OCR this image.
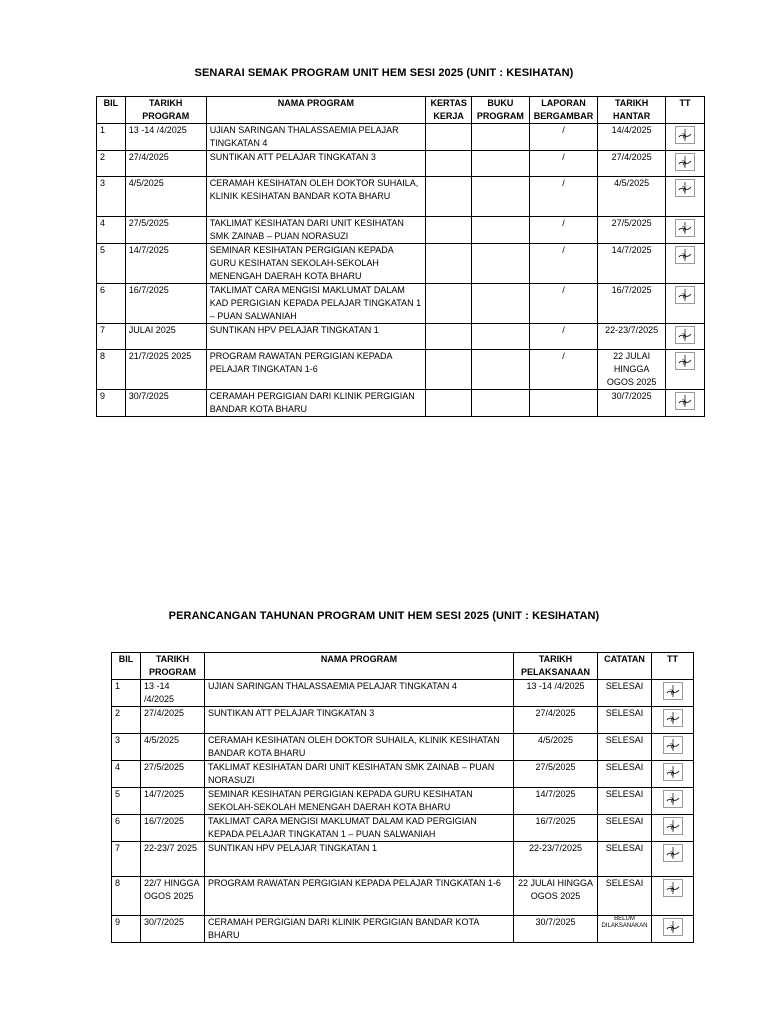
SENARAI SEMAK PROGRAM UNIT HEM SESI 2025 (UNIT : KESIHATAN)
BIL	TARIKH PROGRAM	NAMA PROGRAM	KERTAS KERJA	BUKU PROGRAM	LAPORAN BERGAMBAR	TARIKH HANTAR	TT
1	13 -14 /4/2025	UJIAN SARINGAN THALASSAEMIA PELAJAR TINGKATAN 4			/	14/4/2025	

2	27/4/2025	SUNTIKAN ATT PELAJAR TINGKATAN 3			/	27/4/2025	

3	4/5/2025	CERAMAH KESIHATAN OLEH DOKTOR SUHAILA, KLINIK KESIHATAN BANDAR KOTA BHARU			/	4/5/2025	

4	27/5/2025	TAKLIMAT KESIHATAN DARI UNIT KESIHATAN SMK ZAINAB – PUAN NORASUZI			/	27/5/2025	

5	14/7/2025	SEMINAR KESIHATAN PERGIGIAN KEPADA GURU KESIHATAN SEKOLAH-SEKOLAH MENENGAH DAERAH KOTA BHARU			/	14/7/2025	

6	16/7/2025	TAKLIMAT CARA MENGISI MAKLUMAT DALAM KAD PERGIGIAN KEPADA PELAJAR TINGKATAN 1 – PUAN SALWANIAH			/	16/7/2025	

7	JULAI 2025	SUNTIKAN HPV PELAJAR TINGKATAN 1			/	22-23/7/2025	

8	21/7/2025 2025	PROGRAM RAWATAN PERGIGIAN KEPADA PELAJAR TINGKATAN 1-6			/	22 JULAI HINGGA OGOS 2025	

9	30/7/2025	CERAMAH PERGIGIAN DARI KLINIK PERGIGIAN BANDAR KOTA BHARU				30/7/2025	
PERANCANGAN TAHUNAN PROGRAM UNIT HEM SESI 2025 (UNIT : KESIHATAN)
BIL	TARIKH PROGRAM	NAMA PROGRAM	TARIKH PELAKSANAAN	CATATAN	TT
1	13 -14 /4/2025	UJIAN SARINGAN THALASSAEMIA PELAJAR TINGKATAN 4	13 -14 /4/2025	SELESAI	

2	27/4/2025	SUNTIKAN ATT PELAJAR TINGKATAN 3	27/4/2025	SELESAI	

3	4/5/2025	CERAMAH KESIHATAN OLEH DOKTOR SUHAILA, KLINIK KESIHATAN BANDAR KOTA BHARU	4/5/2025	SELESAI	

4	27/5/2025	TAKLIMAT KESIHATAN DARI UNIT KESIHATAN SMK ZAINAB – PUAN NORASUZI	27/5/2025	SELESAI	

5	14/7/2025	SEMINAR KESIHATAN PERGIGIAN KEPADA GURU KESIHATAN SEKOLAH-SEKOLAH MENENGAH DAERAH KOTA BHARU	14/7/2025	SELESAI	

6	16/7/2025	TAKLIMAT CARA MENGISI MAKLUMAT DALAM KAD PERGIGIAN KEPADA PELAJAR TINGKATAN 1 – PUAN SALWANIAH	16/7/2025	SELESAI	

7	22-23/7 2025	SUNTIKAN HPV PELAJAR TINGKATAN 1	22-23/7/2025	SELESAI	

8	22/7 HINGGA OGOS 2025	PROGRAM RAWATAN PERGIGIAN KEPADA PELAJAR TINGKATAN 1-6	22 JULAI HINGGA OGOS 2025	SELESAI	

9	30/7/2025	CERAMAH PERGIGIAN DARI KLINIK PERGIGIAN BANDAR KOTA BHARU	30/7/2025	BELUM DILAKSANAKAN	
